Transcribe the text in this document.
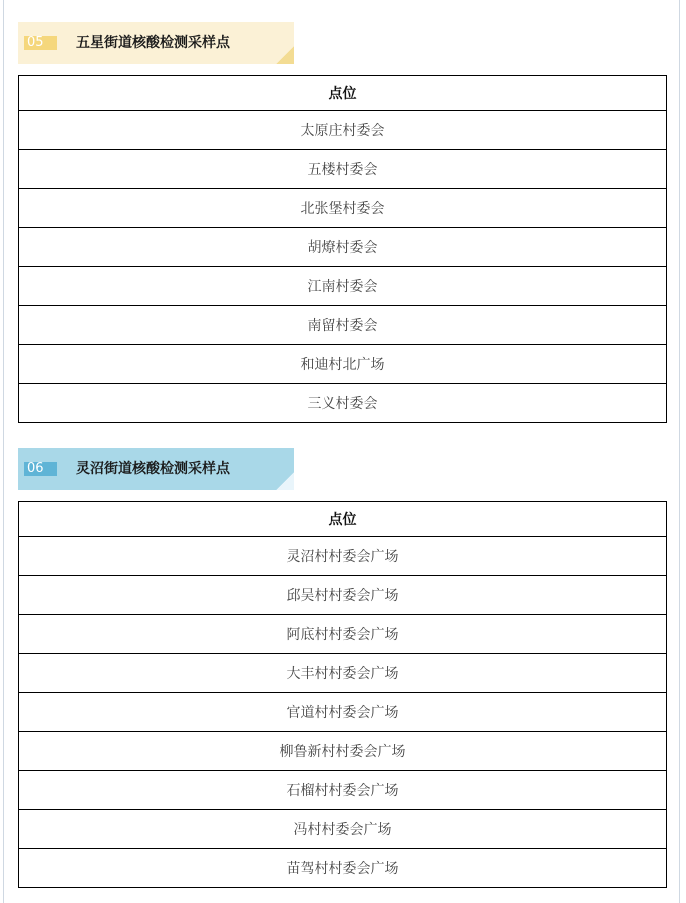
05	五星街道核酸检测采样点
点位
太原庄村委会
五楼村委会
北张堡村委会
胡燎村委会
江南村委会
南留村委会
和迪村北广场
三义村委会
06	灵沼街道核酸检测采样点
点位
灵沼村村委会广场
邱吴村村委会广场
阿底村村委会广场
大丰村村委会广场
官道村村委会广场
柳鲁新村村委会广场
石榴村村委会广场
冯村村委会广场
苗驾村村委会广场
